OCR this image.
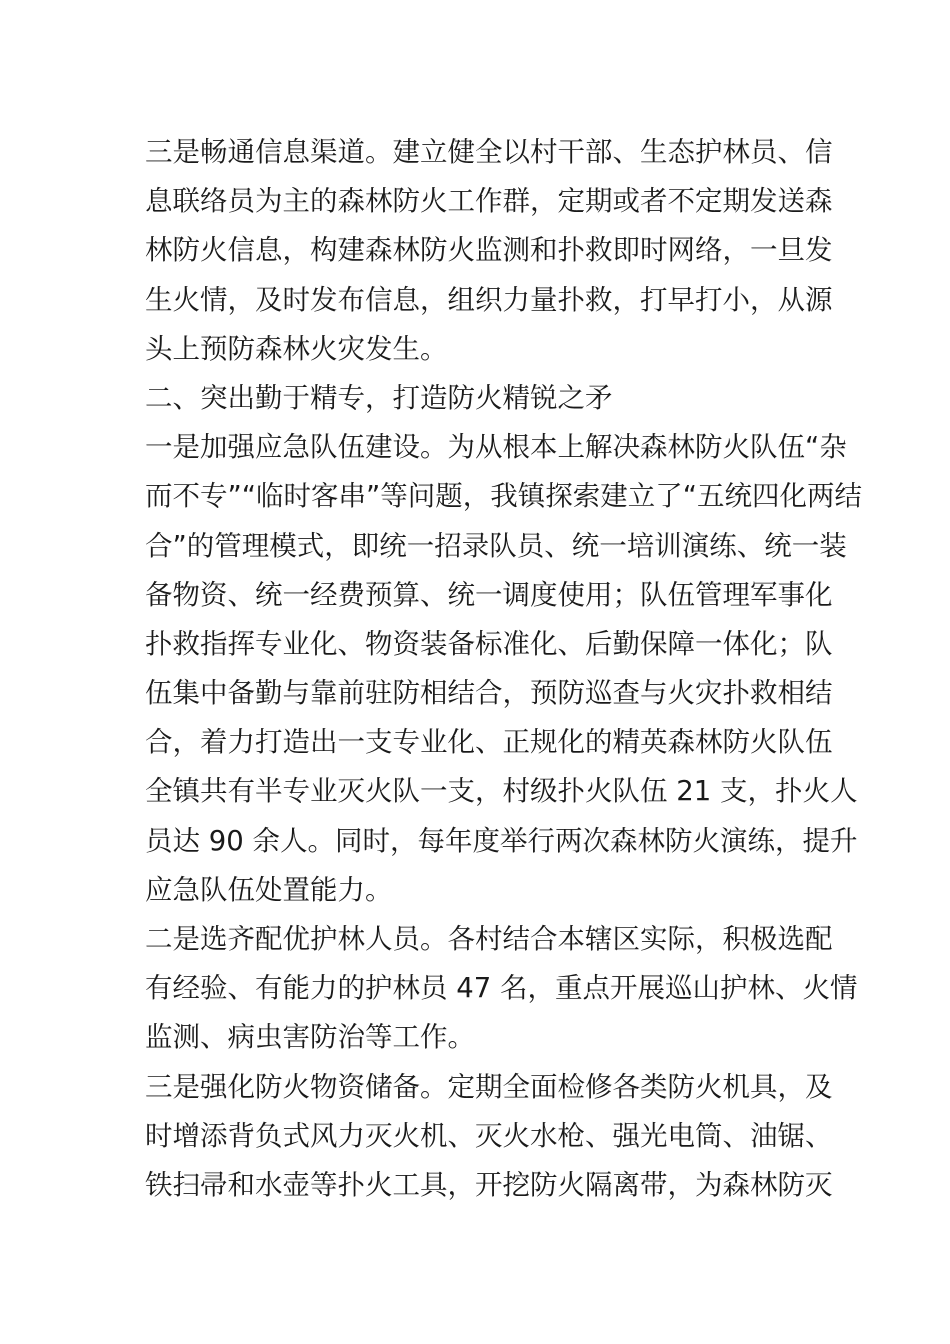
三是畅通信息渠道。建立健全以村干部、生态护林员、信
息联络员为主的森林防火工作群，定期或者不定期发送森
林防火信息，构建森林防火监测和扑救即时网络，一旦发
生火情，及时发布信息，组织力量扑救，打早打小，从源
头上预防森林火灾发生。
二、突出勤于精专，打造防火精锐之矛
一是加强应急队伍建设。为从根本上解决森林防火队伍“杂
而不专”“临时客串”等问题，我镇探索建立了“五统四化两结
合”的管理模式，即统一招录队员、统一培训演练、统一装
备物资、统一经费预算、统一调度使用；队伍管理军事化
扑救指挥专业化、物资装备标准化、后勤保障一体化；队
伍集中备勤与靠前驻防相结合，预防巡查与火灾扑救相结
合，着力打造出一支专业化、正规化的精英森林防火队伍
全镇共有半专业灭火队一支，村级扑火队伍 21 支，扑火人
员达 90 余人。同时，每年度举行两次森林防火演练，提升
应急队伍处置能力。
二是选齐配优护林人员。各村结合本辖区实际，积极选配
有经验、有能力的护林员 47 名，重点开展巡山护林、火情
监测、病虫害防治等工作。
三是强化防火物资储备。定期全面检修各类防火机具，及
时增添背负式风力灭火机、灭火水枪、强光电筒、油锯、
铁扫帚和水壶等扑火工具，开挖防火隔离带，为森林防灭
